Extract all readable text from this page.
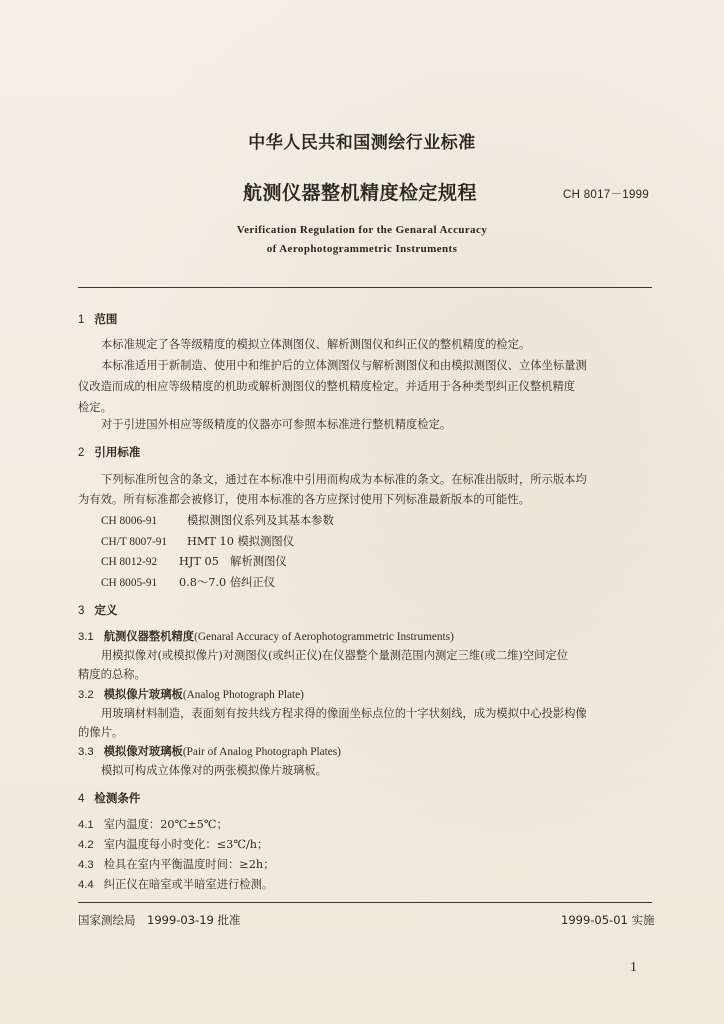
中华人民共和国测绘行业标准
航测仪器整机精度检定规程	CH 8017－1999
Verification Regulation for the Genaral Accuracy
of Aerophotogrammetric Instruments
1 范围
本标准规定了各等级精度的模拟立体测图仪、解析测图仪和纠正仪的整机精度的检定。
本标准适用于新制造、使用中和维护后的立体测图仪与解析测图仪和由模拟测图仪、立体坐标量测
仪改造而成的相应等级精度的机助或解析测图仪的整机精度检定。并适用于各种类型纠正仪整机精度
检定。
对于引进国外相应等级精度的仪器亦可参照本标准进行整机精度检定。
2 引用标准
下列标准所包含的条文，通过在本标准中引用而构成为本标准的条文。在标准出版时，所示版本均
为有效。所有标准都会被修订，使用本标准的各方应探讨使用下列标准最新版本的可能性。
CH 8006-91	模拟测图仪系列及其基本参数
CH/T 8007-91 HMT 10 模拟测图仪
CH 8012-92 HJT 05　解析测图仪
CH 8005-91 0.8～7.0 倍纠正仪
3 定义
3.1 航测仪器整机精度(Genaral Accuracy of Aerophotogrammetric Instruments)
用模拟像对(或模拟像片)对测图仪(或纠正仪)在仪器整个量测范围内测定三维(或二维)空间定位
精度的总称。
3.2 模拟像片玻璃板(Analog Photograph Plate)
用玻璃材料制造，表面刻有按共线方程求得的像面坐标点位的十字状刻线，成为模拟中心投影构像
的像片。
3.3 模拟像对玻璃板(Pair of Analog Photograph Plates)
模拟可构成立体像对的两张模拟像片玻璃板。
4 检测条件
4.1 室内温度：20℃±5℃；
4.2 室内温度每小时变化：≤3℃/h；
4.3 检具在室内平衡温度时间：≥2h；
4.4 纠正仪在暗室或半暗室进行检测。
国家测绘局　1999-03-19 批准	1999-05-01 实施
1
